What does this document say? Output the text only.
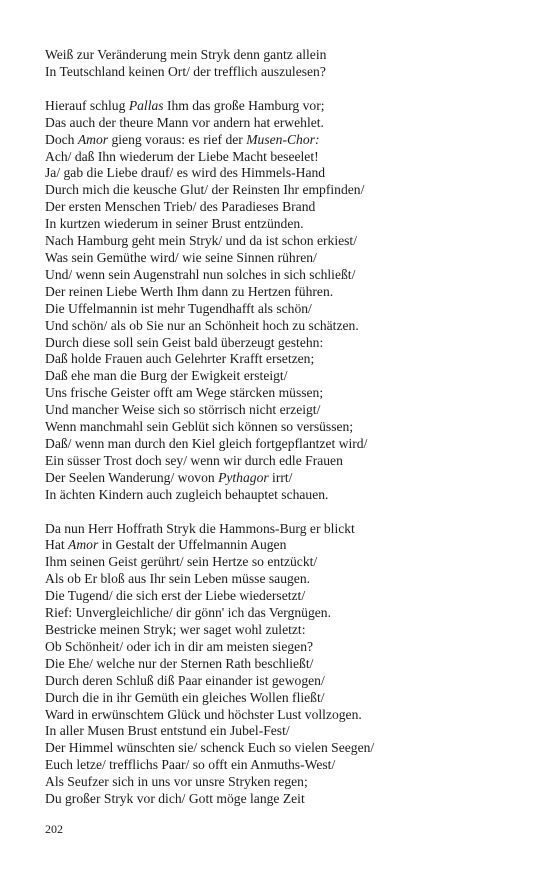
Weiß zur Veränderung mein Stryk denn gantz allein
In Teutschland keinen Ort/ der trefflich auszulesen?
Hierauf schlug Pallas Ihm das große Hamburg vor;
Das auch der theure Mann vor andern hat erwehlet.
Doch Amor gieng voraus: es rief der Musen-Chor:
Ach/ daß Ihn wiederum der Liebe Macht beseelet!
Ja/ gab die Liebe drauf/ es wird des Himmels-Hand
Durch mich die keusche Glut/ der Reinsten Ihr empfinden/
Der ersten Menschen Trieb/ des Paradieses Brand
In kurtzen wiederum in seiner Brust entzünden.
Nach Hamburg geht mein Stryk/ und da ist schon erkiest/
Was sein Gemüthe wird/ wie seine Sinnen rühren/
Und/ wenn sein Augenstrahl nun solches in sich schließt/
Der reinen Liebe Werth Ihm dann zu Hertzen führen.
Die Uffelmannin ist mehr Tugendhafft als schön/
Und schön/ als ob Sie nur an Schönheit hoch zu schätzen.
Durch diese soll sein Geist bald überzeugt gestehn:
Daß holde Frauen auch Gelehrter Krafft ersetzen;
Daß ehe man die Burg der Ewigkeit ersteigt/
Uns frische Geister offt am Wege stärcken müssen;
Und mancher Weise sich so störrisch nicht erzeigt/
Wenn manchmahl sein Geblüt sich können so versüssen;
Daß/ wenn man durch den Kiel gleich fortgepflantzet wird/
Ein süsser Trost doch sey/ wenn wir durch edle Frauen
Der Seelen Wanderung/ wovon Pythagor irrt/
In ächten Kindern auch zugleich behauptet schauen.
Da nun Herr Hoffrath Stryk die Hammons-Burg er blickt
Hat Amor in Gestalt der Uffelmannin Augen
Ihm seinen Geist gerührt/ sein Hertze so entzückt/
Als ob Er bloß aus Ihr sein Leben müsse saugen.
Die Tugend/ die sich erst der Liebe wiedersetzt/
Rief: Unvergleichliche/ dir gönn' ich das Vergnügen.
Bestricke meinen Stryk; wer saget wohl zuletzt:
Ob Schönheit/ oder ich in dir am meisten siegen?
Die Ehe/ welche nur der Sternen Rath beschließt/
Durch deren Schluß diß Paar einander ist gewogen/
Durch die in ihr Gemüth ein gleiches Wollen fließt/
Ward in erwünschtem Glück und höchster Lust vollzogen.
In aller Musen Brust entstund ein Jubel-Fest/
Der Himmel wünschten sie/ schenck Euch so vielen Seegen/
Euch letze/ trefflichs Paar/ so offt ein Anmuths-West/
Als Seufzer sich in uns vor unsre Stryken regen;
Du großer Stryk vor dich/ Gott möge lange Zeit
202
